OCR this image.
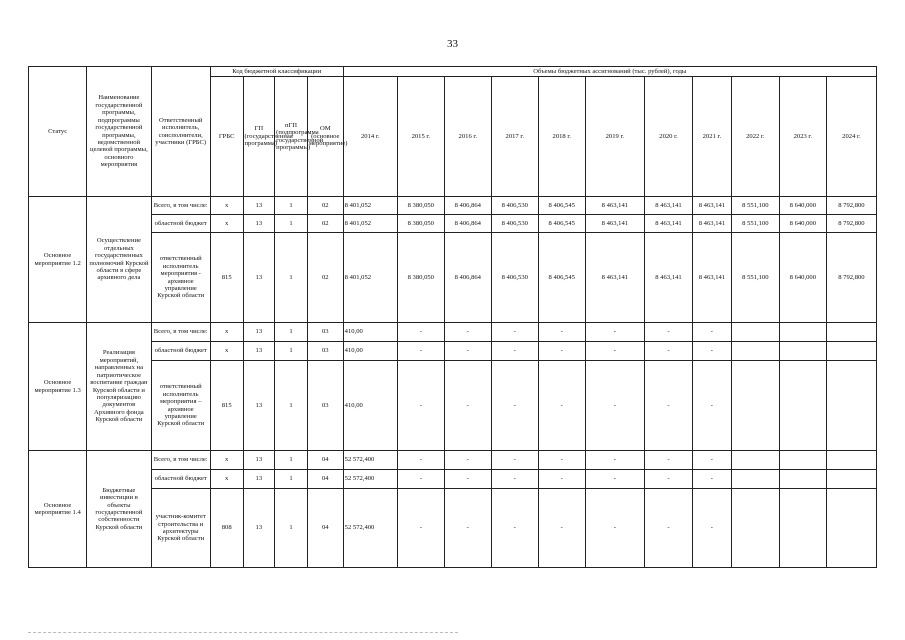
33
Статус	Наименование государственной программы, подпрограммы государственной программы, ведомственной целевой программы, основного мероприятия	Ответственный исполнитель, соисполнители, участники (ГРБС)	Код бюджетной классификации				Объемы бюджетных ассигнований (тыс. рублей), годы										
			ГРБС	ГП (государственная программа)	пГП (подпрограмма государственной программы)	ОМ (основное мероприятие)	2014 г.	2015 г.	2016 г.	2017 г.	2018 г.	2019 г.	2020 г.	2021 г.	2022 г.	2023 г.	2024 г.
Основное мероприятие 1.2	Осуществление отдельных государственных полномочий Курской области в сфере архивного дела	Всего, в том числе:	x	13	1	02	8 401,052	8 380,050	8 406,864	8 406,530	8 406,545	8 463,141	8 463,141	8 463,141	8 551,100	8 640,000	8 792,800
		областной бюджет	x	13	1	02	8 401,052	8 380,050	8 406,864	8 406,530	8 406,545	8 463,141	8 463,141	8 463,141	8 551,100	8 640,000	8 792,800
		ответственный исполнитель мероприятия - архивное управление Курской области	815	13	1	02	8 401,052	8 380,050	8 406,864	8 406,530	8 406,545	8 463,141	8 463,141	8 463,141	8 551,100	8 640,000	8 792,800
Основное мероприятие 1.3	Реализация мероприятий, направленных на патриотическое воспитание граждан Курской области и популяризацию документов Архивного фонда Курской области	Всего, в том числе:	x	13	1	03	410,00	-	-	-	-	-	-	-			
		областной бюджет	x	13	1	03	410,00	-	-	-	-	-	-	-			
		ответственный исполнитель мероприятия – архивное управление Курской области	815	13	1	03	410,00	-	-	-	-	-	-	-			
Основное мероприятие 1.4	Бюджетные инвестиции в объекты государственной собственности Курской области	Всего, в том числе:	x	13	1	04	52 572,400	-	-	-	-	-	-	-			
		областной бюджет	x	13	1	04	52 572,400	-	-	-	-	-	-	-			
		участник-комитет строительства и архитектуры Курской области	808	13	1	04	52 572,400	-	-	-	-	-	-	-			
